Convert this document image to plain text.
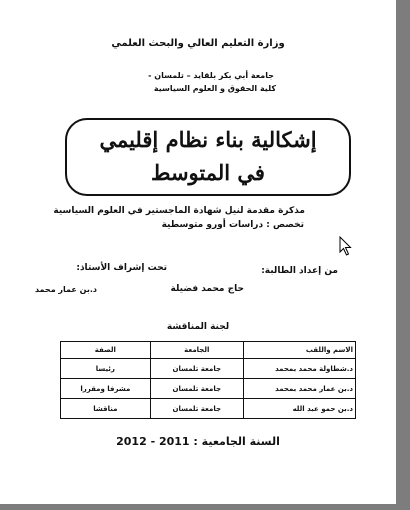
وزارة التعليم العالي والبحث العلمي
جامعة أبي بكر بلقايد – تلمسان -
كلية الحقوق و العلوم السياسية
إشكالية بناء نظام إقليمي
في المتوسط
مذكرة مقدمة لنيل شهادة الماجستير في العلوم السياسية
تخصص : دراسات أورو متوسطية
من إعداد الطالبة:
تحت إشراف الأستاذ:
حاج محمد فضيلة
د.بن عمار محمد
لجنة المناقشة
الاسم واللقب	الجامعة	الصفة
د.شطاولة محمد بمحمد	جامعة تلمسان	رئيسا
د.بن عمار محمد بمحمد	جامعة تلمسان	مشرفا ومقررا
د.بن حمو عبد الله	جامعة تلمسان	مناقشا
السنة الجامعية : 2011 - 2012
